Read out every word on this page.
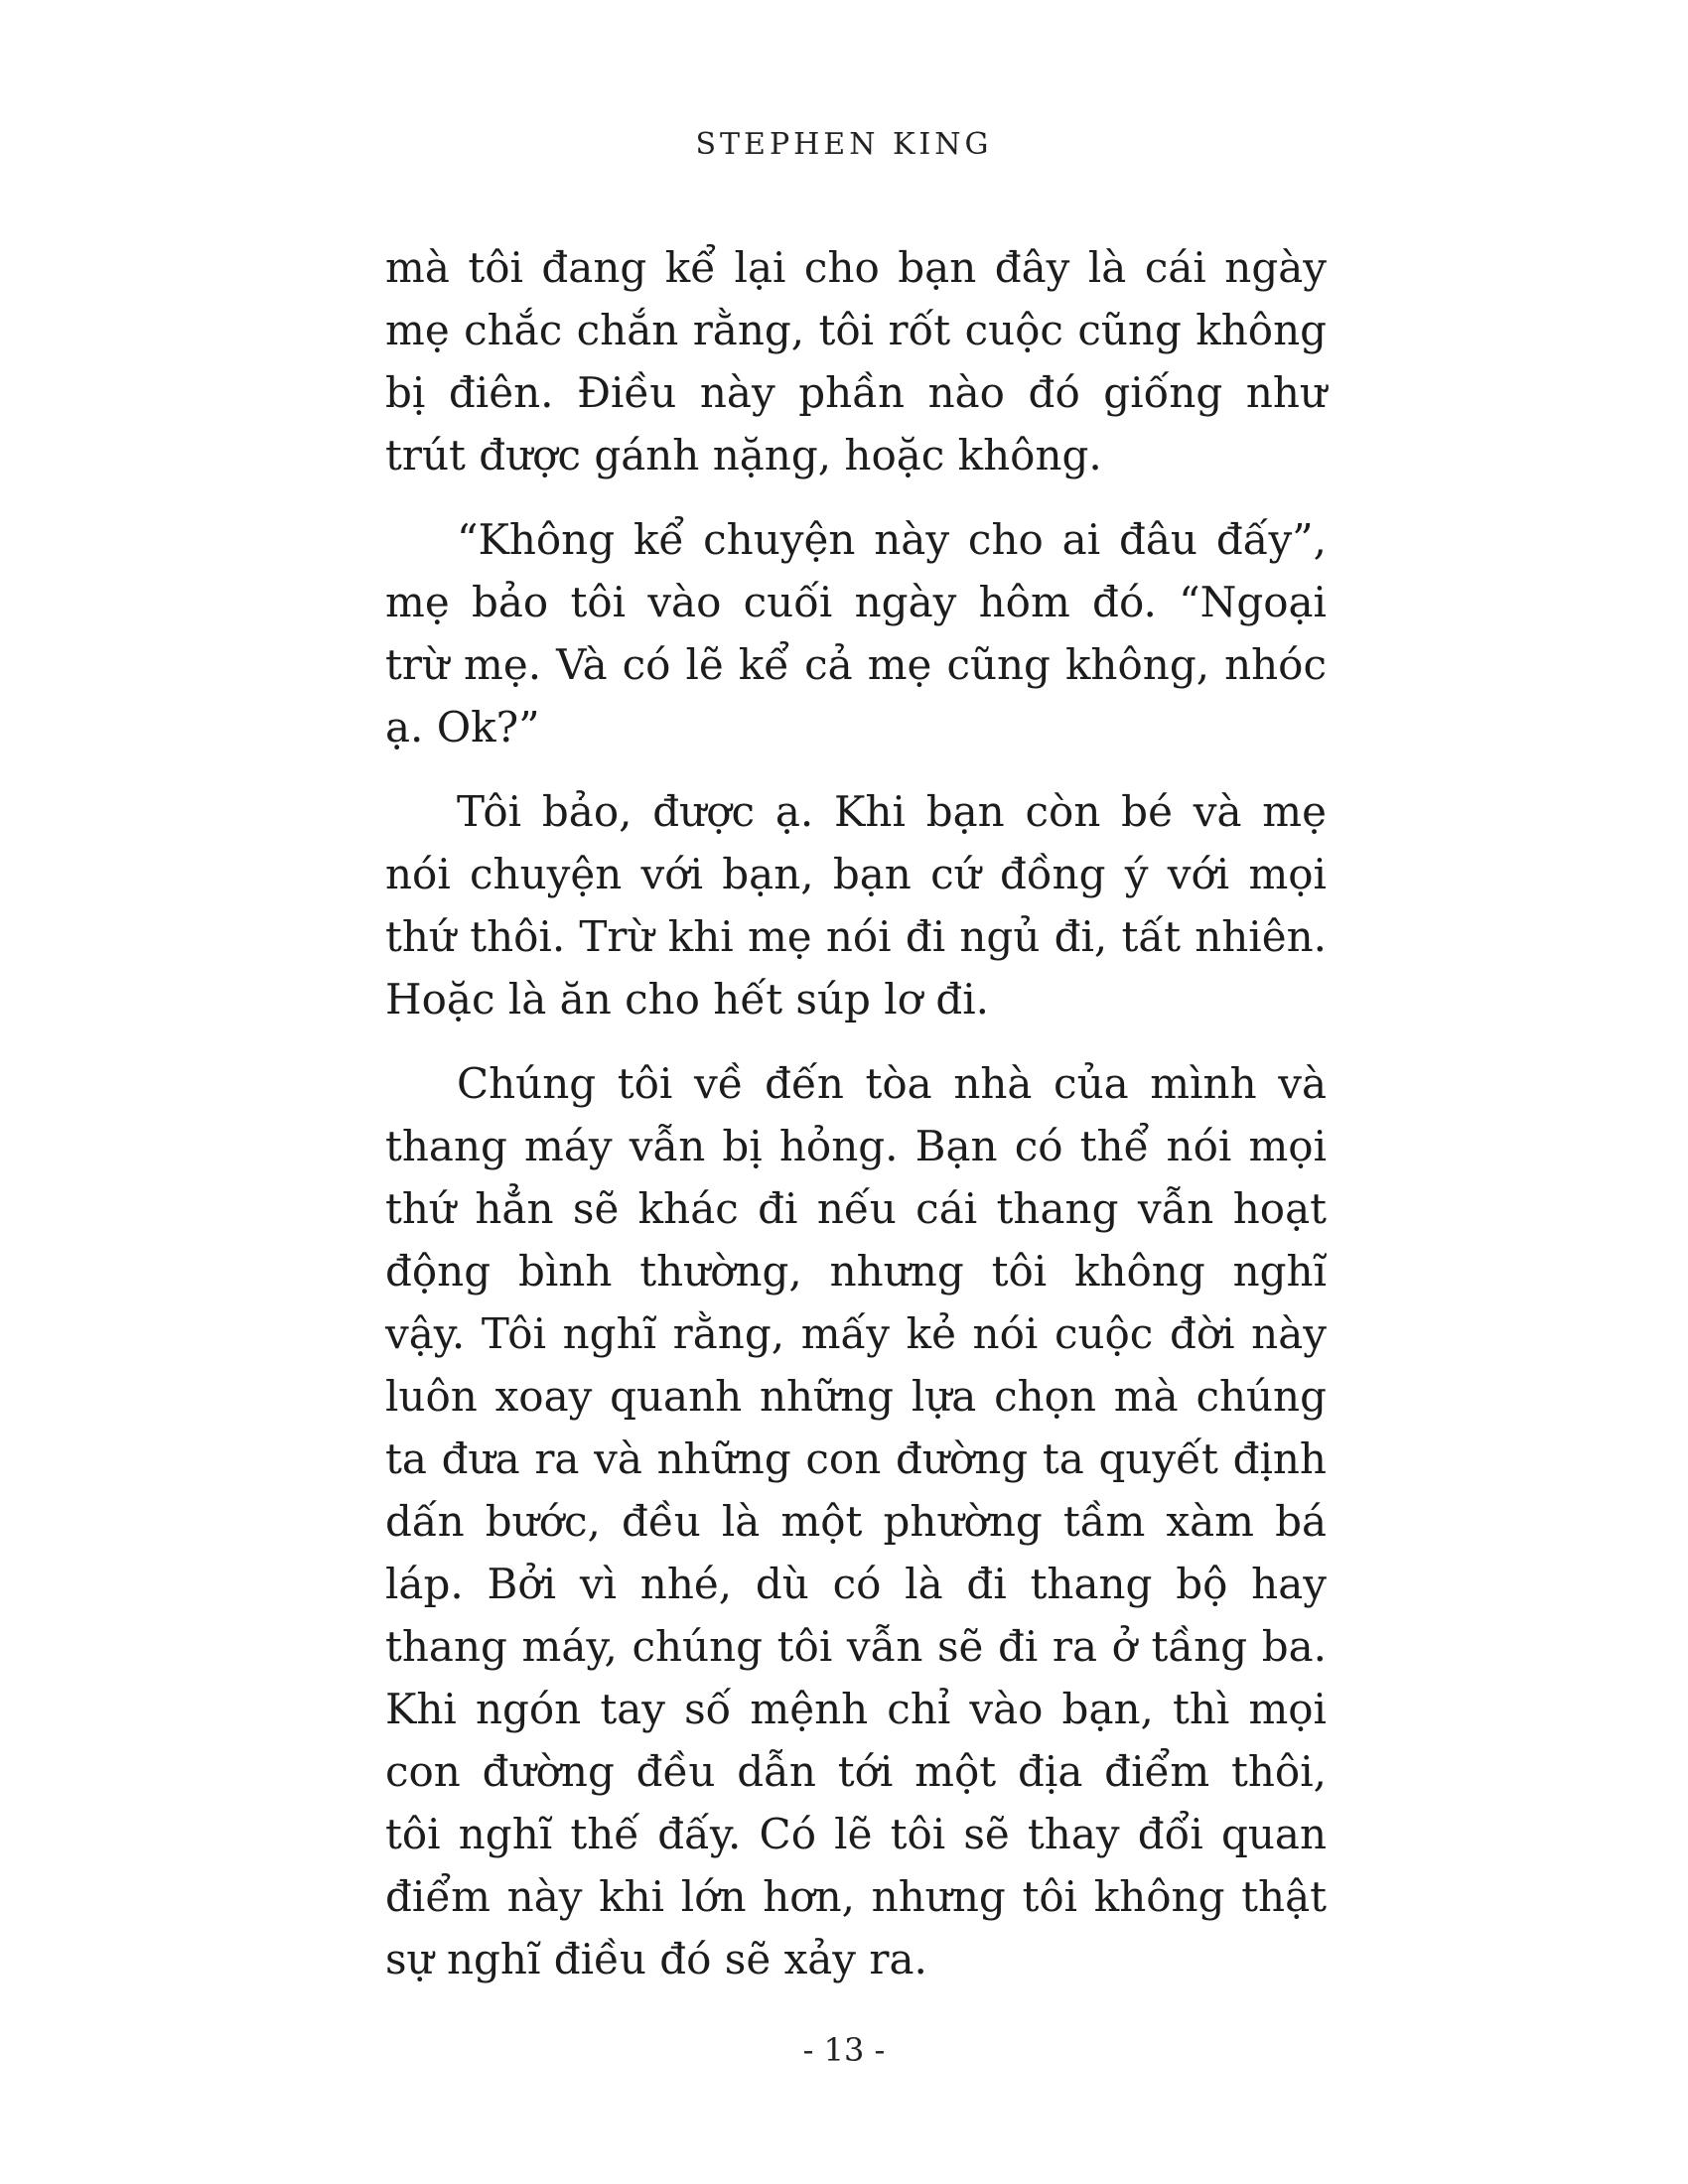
STEPHEN KING

mà tôi đang kể lại cho bạn đây là cái ngày mẹ chắc chắn rằng, tôi rốt cuộc cũng không bị điên. Điều này phần nào đó giống như trút được gánh nặng, hoặc không.

“Không kể chuyện này cho ai đâu đấy”, mẹ bảo tôi vào cuối ngày hôm đó. “Ngoại trừ mẹ. Và có lẽ kể cả mẹ cũng không, nhóc ạ. Ok?”

Tôi bảo, được ạ. Khi bạn còn bé và mẹ nói chuyện với bạn, bạn cứ đồng ý với mọi thứ thôi. Trừ khi mẹ nói đi ngủ đi, tất nhiên. Hoặc là ăn cho hết súp lơ đi.

Chúng tôi về đến tòa nhà của mình và thang máy vẫn bị hỏng. Bạn có thể nói mọi thứ hẳn sẽ khác đi nếu cái thang vẫn hoạt động bình thường, nhưng tôi không nghĩ vậy. Tôi nghĩ rằng, mấy kẻ nói cuộc đời này luôn xoay quanh những lựa chọn mà chúng ta đưa ra và những con đường ta quyết định dấn bước, đều là một phường tầm xàm bá láp. Bởi vì nhé, dù có là đi thang bộ hay thang máy, chúng tôi vẫn sẽ đi ra ở tầng ba. Khi ngón tay số mệnh chỉ vào bạn, thì mọi con đường đều dẫn tới một địa điểm thôi, tôi nghĩ thế đấy. Có lẽ tôi sẽ thay đổi quan điểm này khi lớn hơn, nhưng tôi không thật sự nghĩ điều đó sẽ xảy ra.

- 13 -
